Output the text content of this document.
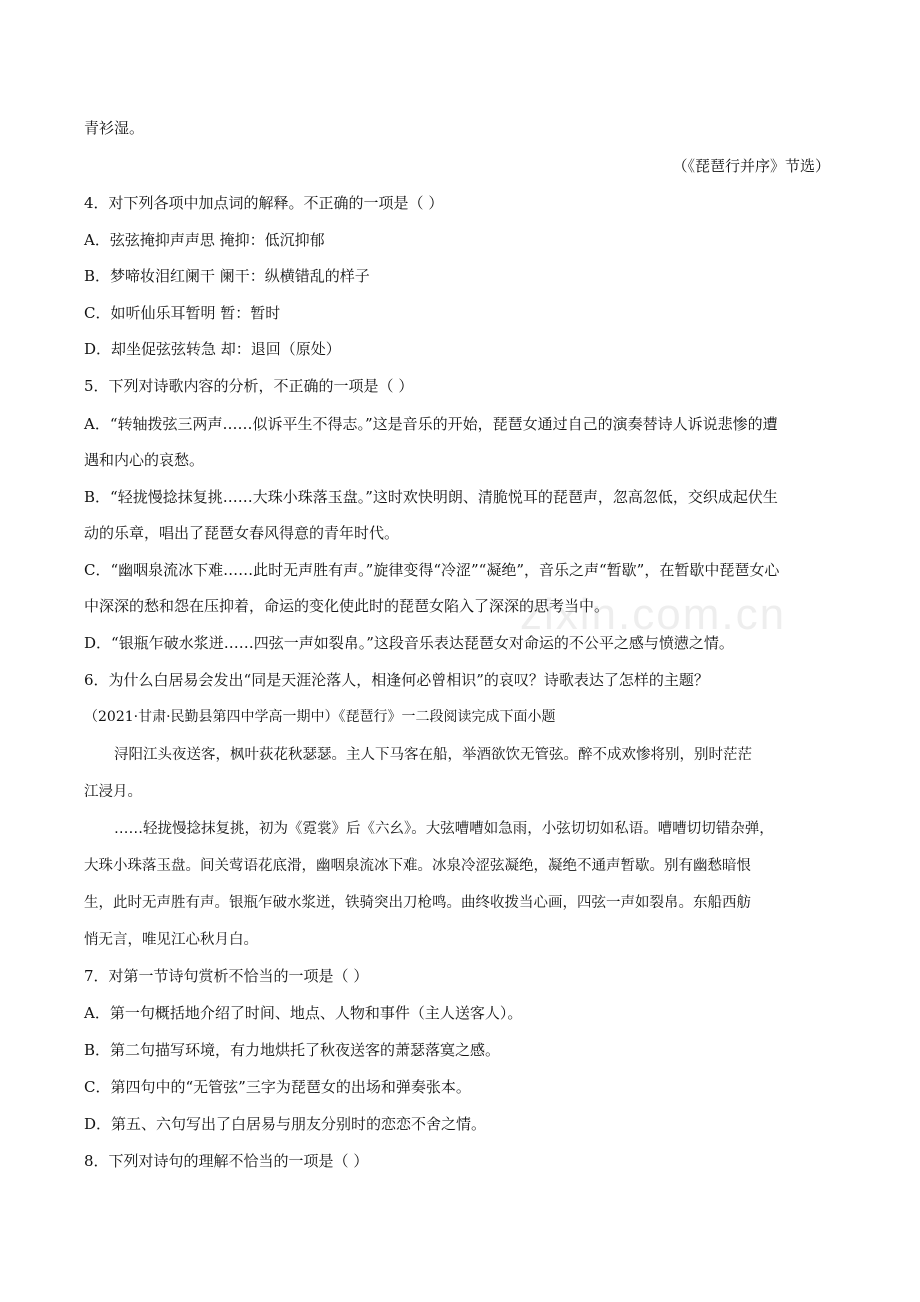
zixin.com.cn
青衫湿。
（《琵琶行并序》节选）
4．对下列各项中加点词的解释。不正确的一项是（ ）
A．弦弦掩抑声声思 掩抑：低沉抑郁
B．梦啼妆泪红阑干 阑干：纵横错乱的样子
C．如听仙乐耳暂明 暂：暂时
D．却坐促弦弦转急 却：退回（原处）
5．下列对诗歌内容的分析，不正确的一项是（ ）
A．“转轴拨弦三两声……似诉平生不得志。”这是音乐的开始，琵琶女通过自己的演奏替诗人诉说悲惨的遭
遇和内心的哀愁。
B．“轻拢慢捻抹复挑……大珠小珠落玉盘。”这时欢快明朗、清脆悦耳的琵琶声，忽高忽低，交织成起伏生
动的乐章，唱出了琵琶女春风得意的青年时代。
C．“幽咽泉流冰下难……此时无声胜有声。”旋律变得“冷涩”“凝绝”，音乐之声“暂歇”，在暂歇中琵琶女心
中深深的愁和怨在压抑着，命运的变化使此时的琵琶女陷入了深深的思考当中。
D．“银瓶乍破水浆迸……四弦一声如裂帛。”这段音乐表达琵琶女对命运的不公平之感与愤懑之情。
6．为什么白居易会发出“同是天涯沦落人，相逢何必曾相识”的哀叹？诗歌表达了怎样的主题？
（2021·甘肃·民勤县第四中学高一期中）《琵琶行》一二段阅读完成下面小题
浔阳江头夜送客，枫叶荻花秋瑟瑟。主人下马客在船，举酒欲饮无管弦。醉不成欢惨将别，别时茫茫
江浸月。
……轻拢慢捻抹复挑，初为《霓裳》后《六幺》。大弦嘈嘈如急雨，小弦切切如私语。嘈嘈切切错杂弹，
大珠小珠落玉盘。间关莺语花底滑，幽咽泉流冰下难。冰泉冷涩弦凝绝，凝绝不通声暂歇。别有幽愁暗恨
生，此时无声胜有声。银瓶乍破水浆迸，铁骑突出刀枪鸣。曲终收拨当心画，四弦一声如裂帛。东船西舫
悄无言，唯见江心秋月白。
7．对第一节诗句赏析不恰当的一项是（ ）
A．第一句概括地介绍了时间、地点、人物和事件（主人送客人）。
B．第二句描写环境，有力地烘托了秋夜送客的萧瑟落寞之感。
C．第四句中的“无管弦”三字为琵琶女的出场和弹奏张本。
D．第五、六句写出了白居易与朋友分别时的恋恋不舍之情。
8．下列对诗句的理解不恰当的一项是（ ）
